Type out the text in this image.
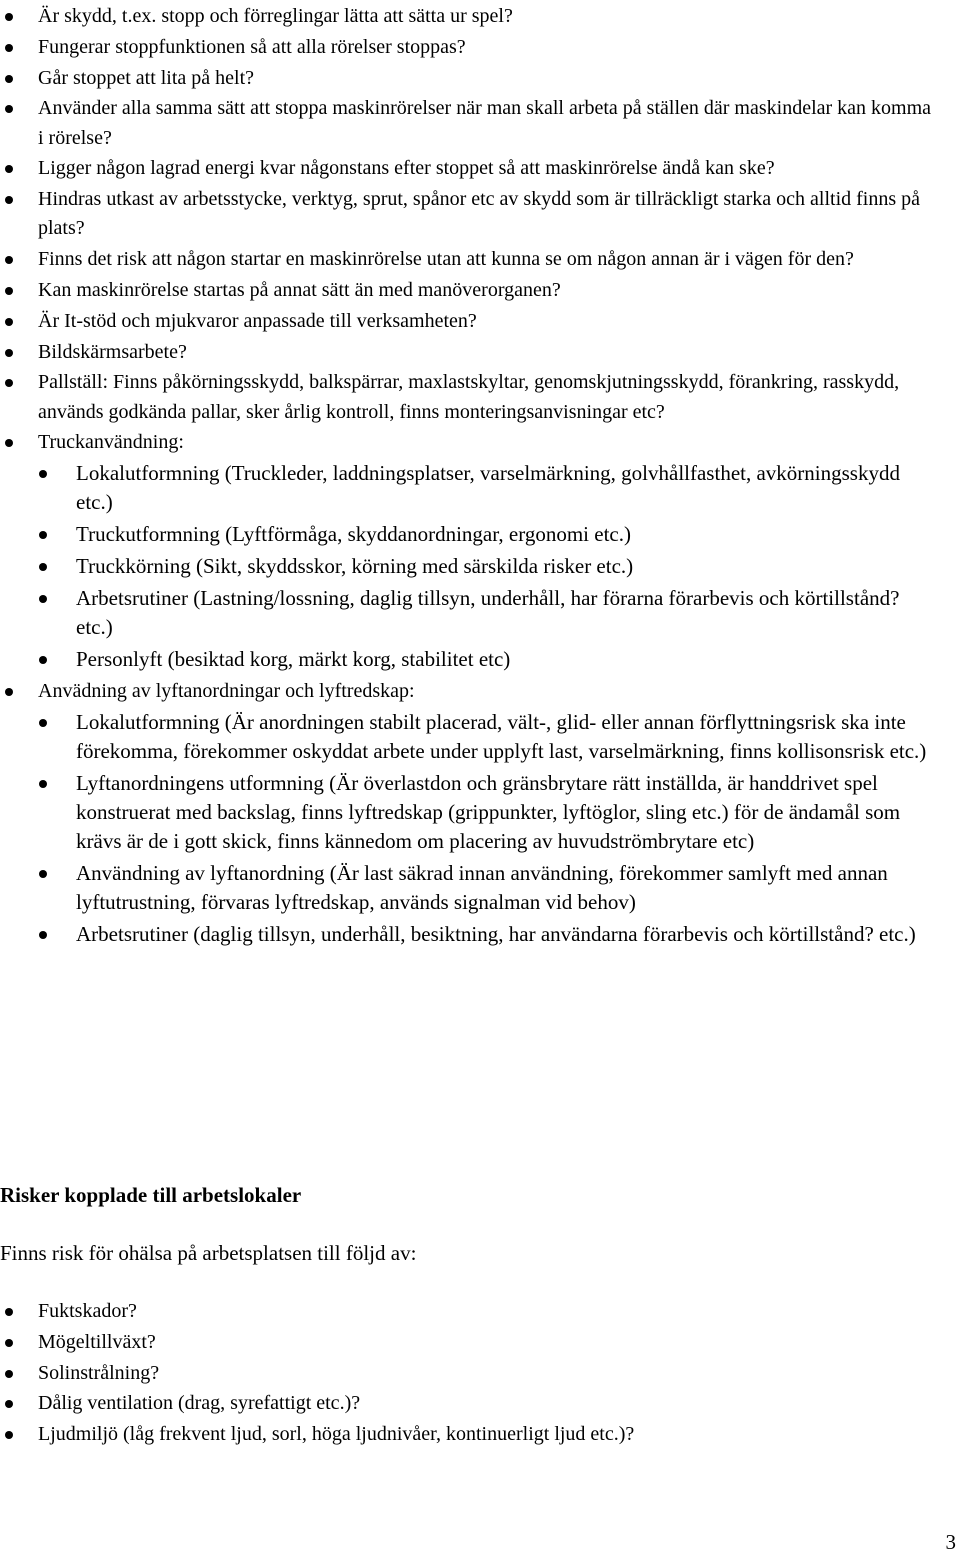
Är skydd, t.ex. stopp och förreglingar lätta att sätta ur spel?
Fungerar stoppfunktionen så att alla rörelser stoppas?
Går stoppet att lita på helt?
Använder alla samma sätt att stoppa maskinrörelser när man skall arbeta på ställen där maskindelar kan komma i rörelse?
Ligger någon lagrad energi kvar någonstans efter stoppet så att maskinrörelse ändå kan ske?
Hindras utkast av arbetsstycke, verktyg, sprut, spånor etc av skydd som är tillräckligt starka och alltid finns på plats?
Finns det risk att någon startar en maskinrörelse utan att kunna se om någon annan är i vägen för den?
Kan maskinrörelse startas på annat sätt än med manöverorganen?
Är It-stöd och mjukvaror anpassade till verksamheten?
Bildskärmsarbete?
Pallställ: Finns påkörningsskydd, balkspärrar, maxlastskyltar, genomskjutningsskydd, förankring, rasskydd, används godkända pallar, sker årlig kontroll, finns monteringsanvisningar etc?
Truckanvändning:
Lokalutformning (Truckleder, laddningsplatser, varselmärkning, golvhållfasthet, avkörningsskydd etc.)
Truckutformning (Lyftförmåga, skyddanordningar, ergonomi etc.)
Truckkörning (Sikt, skyddsskor, körning med särskilda risker etc.)
Arbetsrutiner (Lastning/lossning, daglig tillsyn, underhåll, har förarna förarbevis och körtillstånd? etc.)
Personlyft (besiktad korg, märkt korg, stabilitet etc)
Anvädning av lyftanordningar och lyftredskap:
Lokalutformning (Är anordningen stabilt placerad, vält-, glid- eller annan förflyttningsrisk ska inte förekomma, förekommer oskyddat arbete under upplyft last, varselmärkning, finns kollisonsrisk etc.)
Lyftanordningens utformning (Är överlastdon och gränsbrytare rätt inställda, är handdrivet spel konstruerat med backslag, finns lyftredskap (grippunkter, lyftöglor, sling etc.) för de ändamål som krävs är de i gott skick, finns kännedom om placering av huvudströmbrytare etc)
Användning av lyftanordning (Är last säkrad innan användning, förekommer samlyft med annan lyftutrustning, förvaras lyftredskap, används signalman vid behov)
Arbetsrutiner (daglig tillsyn, underhåll, besiktning, har användarna förarbevis och körtillstånd? etc.)
Risker kopplade till arbetslokaler

Finns risk för ohälsa på arbetsplatsen till följd av:

Fuktskador?
Mögeltillväxt?
Solinstrålning?
Dålig ventilation (drag, syrefattigt etc.)?
Ljudmiljö (låg frekvent ljud, sorl, höga ljudnivåer, kontinuerligt ljud etc.)?
3
